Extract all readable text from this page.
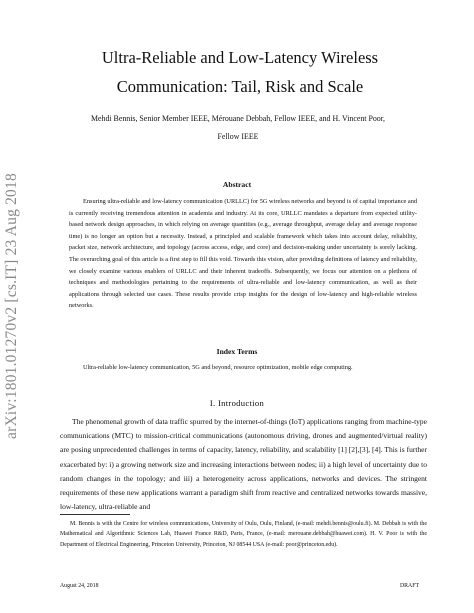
arXiv:1801.01270v2 [cs.IT] 23 Aug 2018
Ultra-Reliable and Low-Latency Wireless
Communication: Tail, Risk and Scale
Mehdi Bennis, Senior Member IEEE, Mérouane Debbah, Fellow IEEE, and H. Vincent Poor,
Fellow IEEE
Abstract

Ensuring ultra-reliable and low-latency communication (URLLC) for 5G wireless networks and beyond is of capital importance and is currently receiving tremendous attention in academia and industry. At its core, URLLC mandates a departure from expected utility-based network design approaches, in which relying on average quantities (e.g., average throughput, average delay and average response time) is no longer an option but a necessity. Instead, a principled and scalable framework which takes into account delay, reliability, packet size, network architecture, and topology (across access, edge, and core) and decision-making under uncertainty is sorely lacking. The overarching goal of this article is a first step to fill this void. Towards this vision, after providing definitions of latency and reliability, we closely examine various enablers of URLLC and their inherent tradeoffs. Subsequently, we focus our attention on a plethora of techniques and methodologies pertaining to the requirements of ultra-reliable and low-latency communication, as well as their applications through selected use cases. These results provide crisp insights for the design of low-latency and high-reliable wireless networks.

Index Terms

Ultra-reliable low-latency communication, 5G and beyond, resource optimization, mobile edge computing.

I. Introduction

The phenomenal growth of data traffic spurred by the internet-of-things (IoT) applications ranging from machine-type communications (MTC) to mission-critical communications (autonomous driving, drones and augmented/virtual reality) are posing unprecedented challenges in terms of capacity, latency, reliability, and scalability [1] [2],[3], [4]. This is further exacerbated by: i) a growing network size and increasing interactions between nodes; ii) a high level of uncertainty due to random changes in the topology; and iii) a heterogeneity across applications, networks and devices. The stringent requirements of these new applications warrant a paradigm shift from reactive and centralized networks towards massive, low-latency, ultra-reliable and

M. Bennis is with the Centre for wireless communications, University of Oulu, Oulu, Finland, (e-mail: mehdi.bennis@oulu.fi). M. Debbah is with the Mathematical and Algorithmic Sciences Lab, Huawei France R&D, Paris, France, (e-mail: merouane.debbah@huawei.com). H. V. Poor is with the Department of Electrical Engineering, Princeton University, Princeton, NJ 08544 USA (e-mail: poor@princeton.edu).

August 24, 2018	DRAFT
